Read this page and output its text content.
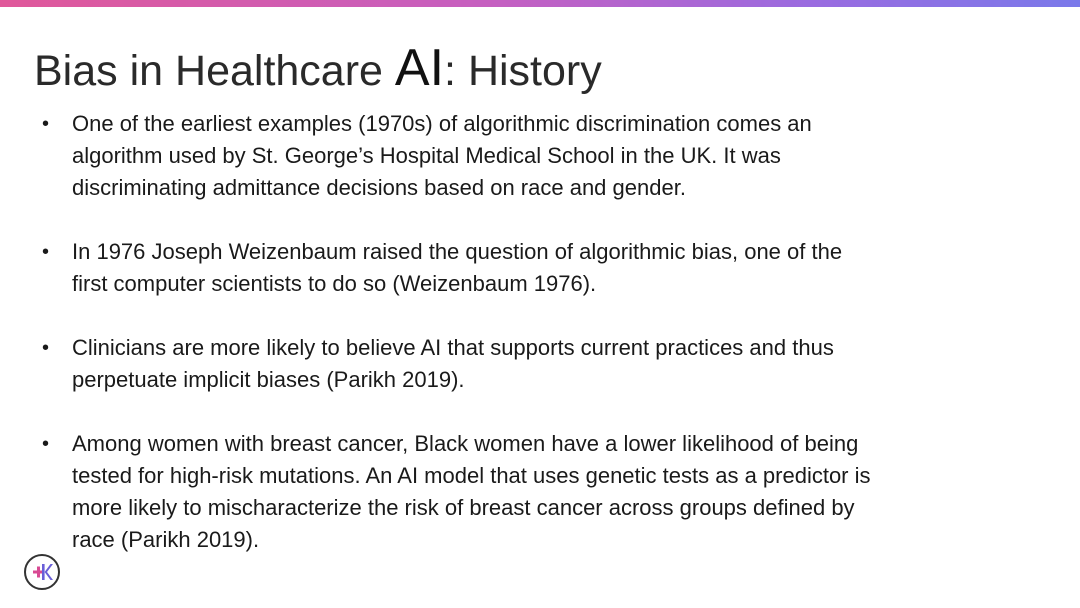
Bias in Healthcare AI: History
• One of the earliest examples (1970s) of algorithmic discrimination comes an
algorithm used by St. George’s Hospital Medical School in the UK. It was
discriminating admittance decisions based on race and gender.
• In 1976 Joseph Weizenbaum raised the question of algorithmic bias, one of the
first computer scientists to do so (Weizenbaum 1976).
• Clinicians are more likely to believe AI that supports current practices and thus
perpetuate implicit biases (Parikh 2019).
• Among women with breast cancer, Black women have a lower likelihood of being
tested for high-risk mutations. An AI model that uses genetic tests as a predictor is
more likely to mischaracterize the risk of breast cancer across groups defined by
race (Parikh 2019).
